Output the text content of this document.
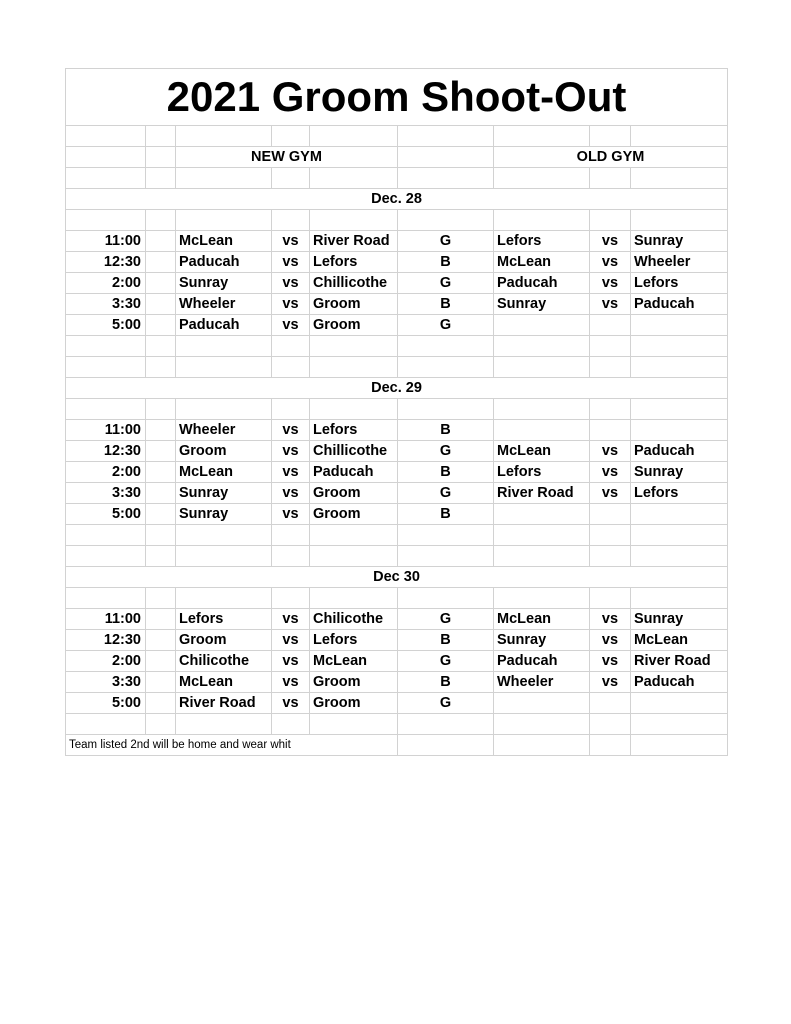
2021 Groom Shoot-Out								

		NEW GYM				OLD GYM		

Dec. 28								

11:00		McLean	vs	River Road	G	Lefors	vs	Sunray
12:30		Paducah	vs	Lefors	B	McLean	vs	Wheeler
2:00		Sunray	vs	Chillicothe	G	Paducah	vs	Lefors
3:30		Wheeler	vs	Groom	B	Sunray	vs	Paducah
5:00		Paducah	vs	Groom	G			

Dec. 29								

11:00		Wheeler	vs	Lefors	B			
12:30		Groom	vs	Chillicothe	G	McLean	vs	Paducah
2:00		McLean	vs	Paducah	B	Lefors	vs	Sunray
3:30		Sunray	vs	Groom	G	River Road	vs	Lefors
5:00		Sunray	vs	Groom	B			

Dec 30								

11:00		Lefors	vs	Chilicothe	G	McLean	vs	Sunray
12:30		Groom	vs	Lefors	B	Sunray	vs	McLean
2:00		Chilicothe	vs	McLean	G	Paducah	vs	River Road
3:30		McLean	vs	Groom	B	Wheeler	vs	Paducah
5:00		River Road	vs	Groom	G			

Team listed 2nd will be home and wear whit								
